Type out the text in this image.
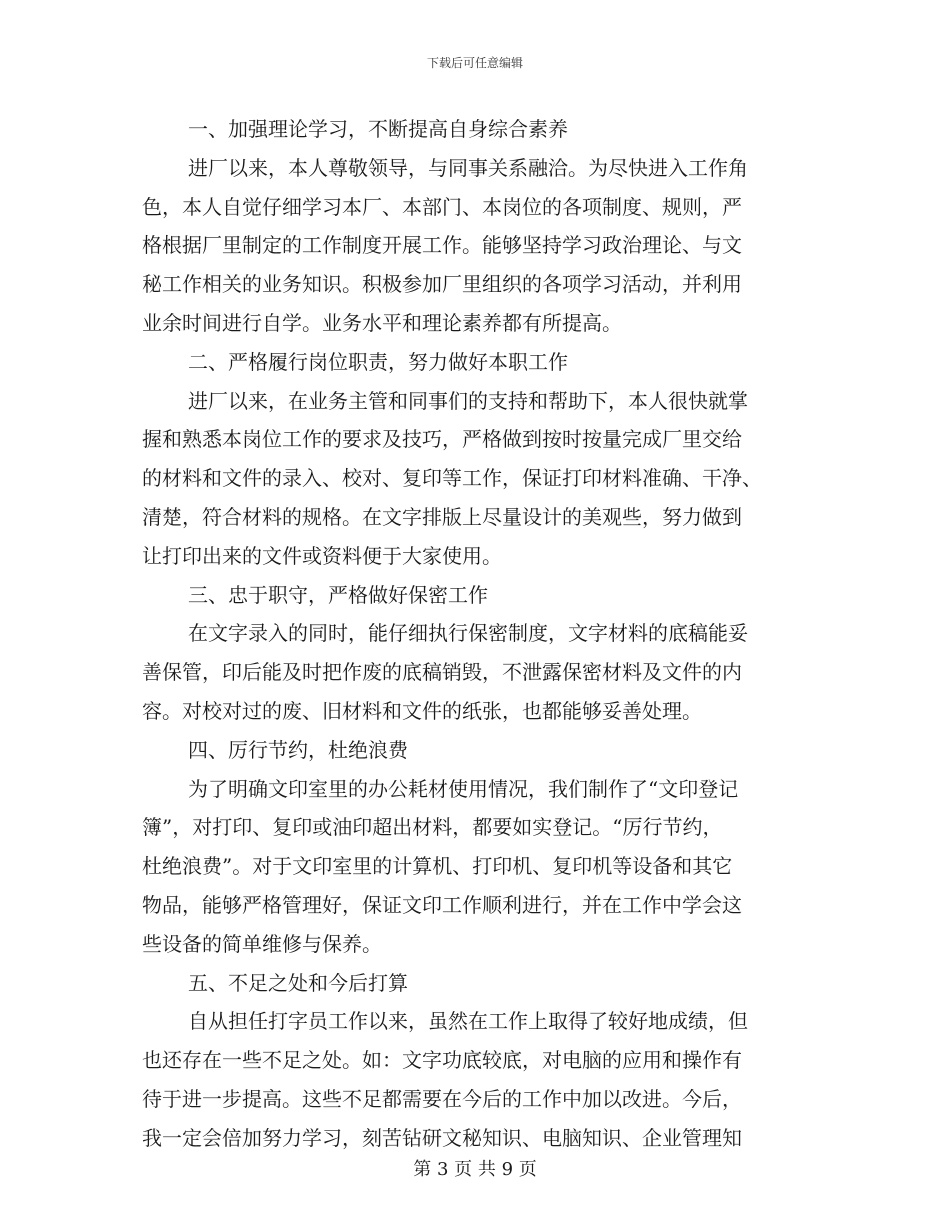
下载后可任意编辑
一、加强理论学习，不断提高自身综合素养
进厂以来，本人尊敬领导，与同事关系融洽。为尽快进入工作角
色，本人自觉仔细学习本厂、本部门、本岗位的各项制度、规则，严
格根据厂里制定的工作制度开展工作。能够坚持学习政治理论、与文
秘工作相关的业务知识。积极参加厂里组织的各项学习活动，并利用
业余时间进行自学。业务水平和理论素养都有所提高。
二、严格履行岗位职责，努力做好本职工作
进厂以来，在业务主管和同事们的支持和帮助下，本人很快就掌
握和熟悉本岗位工作的要求及技巧，严格做到按时按量完成厂里交给
的材料和文件的录入、校对、复印等工作，保证打印材料准确、干净、
清楚，符合材料的规格。在文字排版上尽量设计的美观些，努力做到
让打印出来的文件或资料便于大家使用。
三、忠于职守，严格做好保密工作
在文字录入的同时，能仔细执行保密制度，文字材料的底稿能妥
善保管，印后能及时把作废的底稿销毁，不泄露保密材料及文件的内
容。对校对过的废、旧材料和文件的纸张，也都能够妥善处理。
四、厉行节约，杜绝浪费
为了明确文印室里的办公耗材使用情况，我们制作了“文印登记
簿”，对打印、复印或油印超出材料，都要如实登记。“厉行节约，
杜绝浪费”。对于文印室里的计算机、打印机、复印机等设备和其它
物品，能够严格管理好，保证文印工作顺利进行，并在工作中学会这
些设备的简单维修与保养。
五、不足之处和今后打算
自从担任打字员工作以来，虽然在工作上取得了较好地成绩，但
也还存在一些不足之处。如：文字功底较底，对电脑的应用和操作有
待于进一步提高。这些不足都需要在今后的工作中加以改进。今后，
我一定会倍加努力学习，刻苦钻研文秘知识、电脑知识、企业管理知
第 3 页 共 9 页
